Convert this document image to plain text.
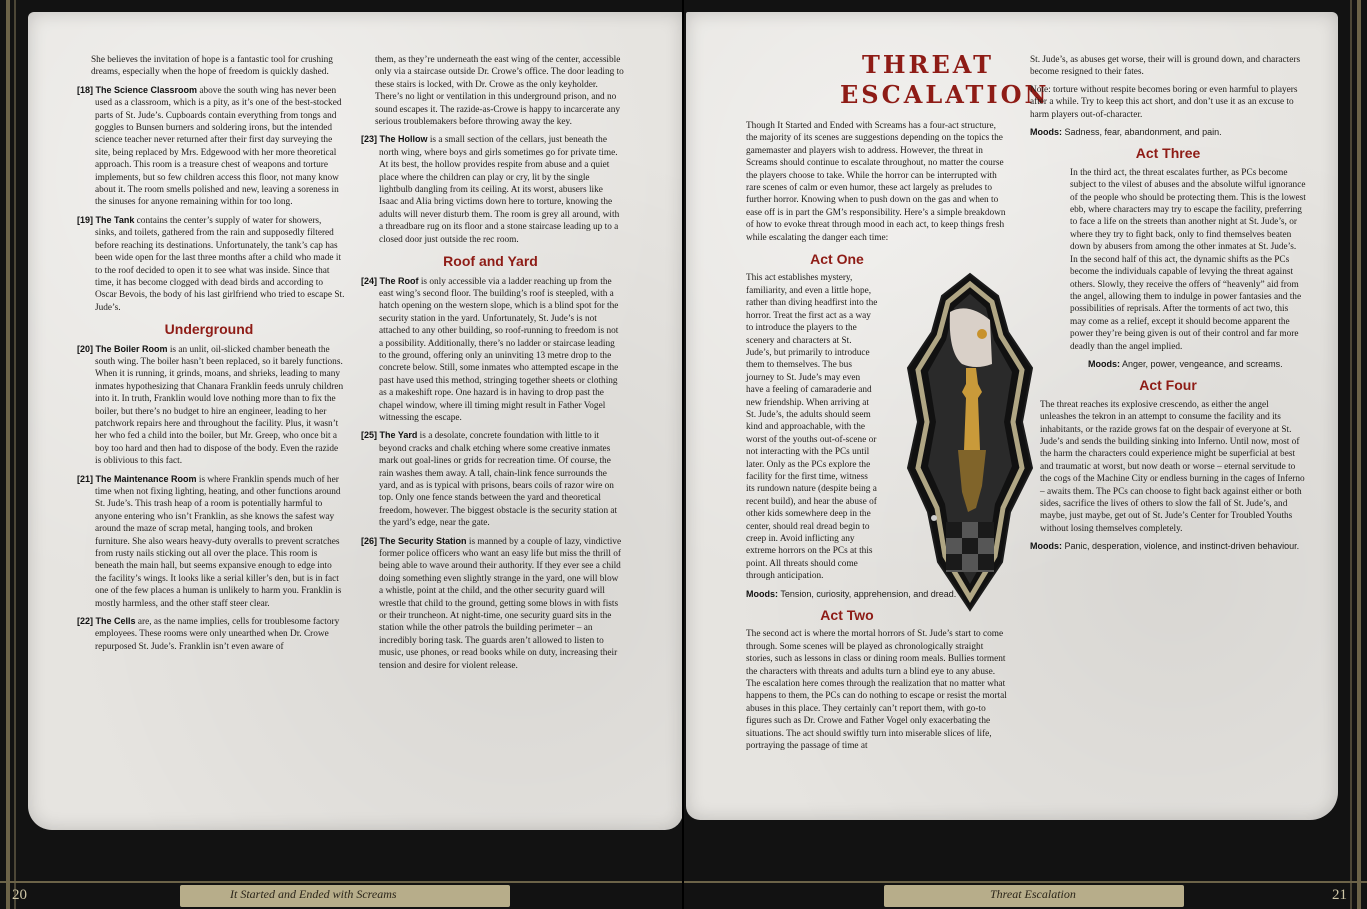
She believes the invitation of hope is a fantastic tool for crushing dreams, especially when the hope of freedom is quickly dashed.

[18] The Science Classroom above the south wing has never been used as a classroom, which is a pity, as it’s one of the best-stocked parts of St. Jude’s. Cupboards contain everything from tongs and goggles to Bunsen burners and soldering irons, but the intended science teacher never returned after their first day surveying the site, being replaced by Mrs. Edgewood with her more theoretical approach. This room is a treasure chest of weapons and torture implements, but so few children access this floor, not many know about it. The room smells polished and new, leaving a soreness in the sinuses for anyone remaining within for too long.

[19] The Tank contains the center’s supply of water for showers, sinks, and toilets, gathered from the rain and supposedly filtered before reaching its destinations. Unfortunately, the tank’s cap has been wide open for the last three months after a child who made it to the roof decided to open it to see what was inside. Since that time, it has become clogged with dead birds and according to Oscar Bevois, the body of his last girlfriend who tried to escape St. Jude’s.

Underground

[20] The Boiler Room is an unlit, oil-slicked chamber beneath the south wing. The boiler hasn’t been replaced, so it barely functions. When it is running, it grinds, moans, and shrieks, leading to many inmates hypothesizing that Chanara Franklin feeds unruly children into it. In truth, Franklin would love nothing more than to fix the boiler, but there’s no budget to hire an engineer, leading to her patchwork repairs here and throughout the facility. Plus, it wasn’t her who fed a child into the boiler, but Mr. Greep, who once bit a boy too hard and then had to dispose of the body. Even the razide is oblivious to this fact.

[21] The Maintenance Room is where Franklin spends much of her time when not fixing lighting, heating, and other functions around St. Jude’s. This trash heap of a room is potentially harmful to anyone entering who isn’t Franklin, as she knows the safest way around the maze of scrap metal, hanging tools, and broken furniture. She also wears heavy-duty overalls to prevent scratches from rusty nails sticking out all over the place. This room is beneath the main hall, but seems expansive enough to edge into the facility’s wings. It looks like a serial killer’s den, but is in fact one of the few places a human is unlikely to harm you. Franklin is mostly harmless, and the other staff steer clear.

[22] The Cells are, as the name implies, cells for troublesome factory employees. These rooms were only unearthed when Dr. Crowe repurposed St. Jude’s. Franklin isn’t even aware of

them, as they’re underneath the east wing of the center, accessible only via a staircase outside Dr. Crowe’s office. The door leading to these stairs is locked, with Dr. Crowe as the only keyholder. There’s no light or ventilation in this underground prison, and no sound escapes it. The razide-as-Crowe is happy to incarcerate any serious troublemakers before throwing away the key.

[23] The Hollow is a small section of the cellars, just beneath the north wing, where boys and girls sometimes go for private time. At its best, the hollow provides respite from abuse and a quiet place where the children can play or cry, lit by the single lightbulb dangling from its ceiling. At its worst, abusers like Isaac and Alia bring victims down here to torture, knowing the adults will never disturb them. The room is grey all around, with a threadbare rug on its floor and a stone staircase leading up to a closed door just outside the rec room.

Roof and Yard

[24] The Roof is only accessible via a ladder reaching up from the east wing’s second floor. The building’s roof is steepled, with a hatch opening on the western slope, which is a blind spot for the security station in the yard. Unfortunately, St. Jude’s is not attached to any other building, so roof-running to freedom is not a possibility. Additionally, there’s no ladder or staircase leading to the ground, offering only an uninviting 13 metre drop to the concrete below. Still, some inmates who attempted escape in the past have used this method, stringing together sheets or clothing as a makeshift rope. One hazard is in having to drop past the chapel window, where ill timing might result in Father Vogel witnessing the escape.

[25] The Yard is a desolate, concrete foundation with little to it beyond cracks and chalk etching where some creative inmates mark out goal-lines or grids for recreation time. Of course, the rain washes them away. A tall, chain-link fence surrounds the yard, and as is typical with prisons, bears coils of razor wire on top. Only one fence stands between the yard and theoretical freedom, however. The biggest obstacle is the security station at the yard’s edge, near the gate.

[26] The Security Station is manned by a couple of lazy, vindictive former police officers who want an easy life but miss the thrill of being able to wave around their authority. If they ever see a child doing something even slightly strange in the yard, one will blow a whistle, point at the child, and the other security guard will wrestle that child to the ground, getting some blows in with fists or their truncheon. At night-time, one security guard sits in the station while the other patrols the building perimeter – an incredibly boring task. The guards aren’t allowed to listen to music, use phones, or read books while on duty, increasing their tension and desire for violent release.

It Started and Ended with Screams
20
THREAT
ESCALATION

Though It Started and Ended with Screams has a four-act structure, the majority of its scenes are suggestions depending on the topics the gamemaster and players wish to address. However, the threat in Screams should continue to escalate throughout, no matter the course the players choose to take. While the horror can be interrupted with rare scenes of calm or even humor, these act largely as preludes to further horror. Knowing when to push down on the gas and when to ease off is in part the GM’s responsibility. Here’s a simple breakdown of how to evoke threat through mood in each act, to keep things fresh while escalating the danger each time:

Act One

This act establishes mystery, familiarity, and even a little hope, rather than diving headfirst into the horror. Treat the first act as a way to introduce the players to the scenery and characters at St. Jude’s, but primarily to introduce them to themselves. The bus journey to St. Jude’s may even have a feeling of camaraderie and new friendship. When arriving at St. Jude’s, the adults should seem kind and approachable, with the worst of the youths out-of-scene or not interacting with the PCs until later. Only as the PCs explore the facility for the first time, witness its rundown nature (despite being a recent build), and hear the abuse of other kids somewhere deep in the center, should real dread begin to creep in. Avoid inflicting any extreme horrors on the PCs at this point. All threats should come through anticipation.

Moods: Tension, curiosity, apprehension, and dread.

Act Two

The second act is where the mortal horrors of St. Jude’s start to come through. Some scenes will be played as chronologically straight stories, such as lessons in class or dining room meals. Bullies torment the characters with threats and adults turn a blind eye to any abuse. The escalation here comes through the realization that no matter what happens to them, the PCs can do nothing to escape or resist the mortal abuses in this place. They certainly can’t report them, with go-to figures such as Dr. Crowe and Father Vogel only exacerbating the situations. The act should swiftly turn into miserable slices of life, portraying the passage of time at

St. Jude’s, as abuses get worse, their will is ground down, and characters become resigned to their fates.

Note: torture without respite becomes boring or even harmful to players after a while. Try to keep this act short, and don’t use it as an excuse to harm players out-of-character.

Moods: Sadness, fear, abandonment, and pain.

Act Three

In the third act, the threat escalates further, as PCs become subject to the vilest of abuses and the absolute wilful ignorance of the people who should be protecting them. This is the lowest ebb, where characters may try to escape the facility, preferring to face a life on the streets than another night at St. Jude’s, or where they try to fight back, only to find themselves beaten down by abusers from among the other inmates at St. Jude’s. In the second half of this act, the dynamic shifts as the PCs become the individuals capable of levying the threat against others. Slowly, they receive the offers of “heavenly” aid from the angel, allowing them to indulge in power fantasies and the possibilities of reprisals. After the torments of act two, this may come as a relief, except it should become apparent the power they’re being given is out of their control and far more deadly than the angel implied.

Moods: Anger, power, vengeance, and screams.

Act Four

The threat reaches its explosive crescendo, as either the angel unleashes the tekron in an attempt to consume the facility and its inhabitants, or the razide grows fat on the despair of everyone at St. Jude’s and sends the building sinking into Inferno. Until now, most of the harm the characters could experience might be superficial at best and traumatic at worst, but now death or worse – eternal servitude to the cogs of the Machine City or endless burning in the cages of Inferno – awaits them. The PCs can choose to fight back against either or both sides, sacrifice the lives of others to slow the fall of St. Jude’s, and maybe, just maybe, get out of St. Jude’s Center for Troubled Youths without losing themselves completely.

Moods: Panic, desperation, violence, and instinct-driven behaviour.

Threat Escalation	21
